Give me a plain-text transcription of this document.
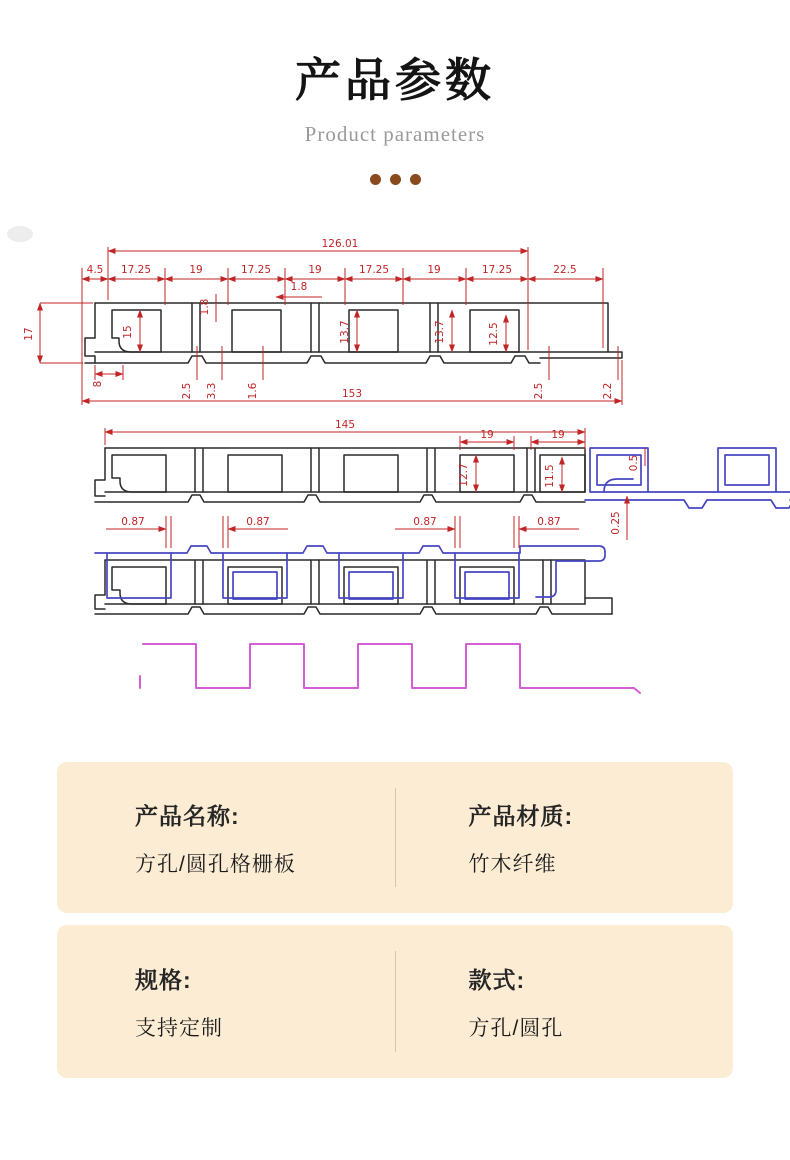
产品参数

Product parameters

126.01
4.5 17.25	19	17.25	19	17.25	19	17.25	22.5
17	15
1.8
1.8
13.7	13.7	12.5
8	2.5 3.3	1.6	2.5	2.2
153
145
19	19
12.7	11.5
0.5
0.25
0.87	0.87	0.87	0.87
产品名称:
方孔/圆孔格栅板
产品材质:
竹木纤维
规格:
支持定制
款式:
方孔/圆孔
